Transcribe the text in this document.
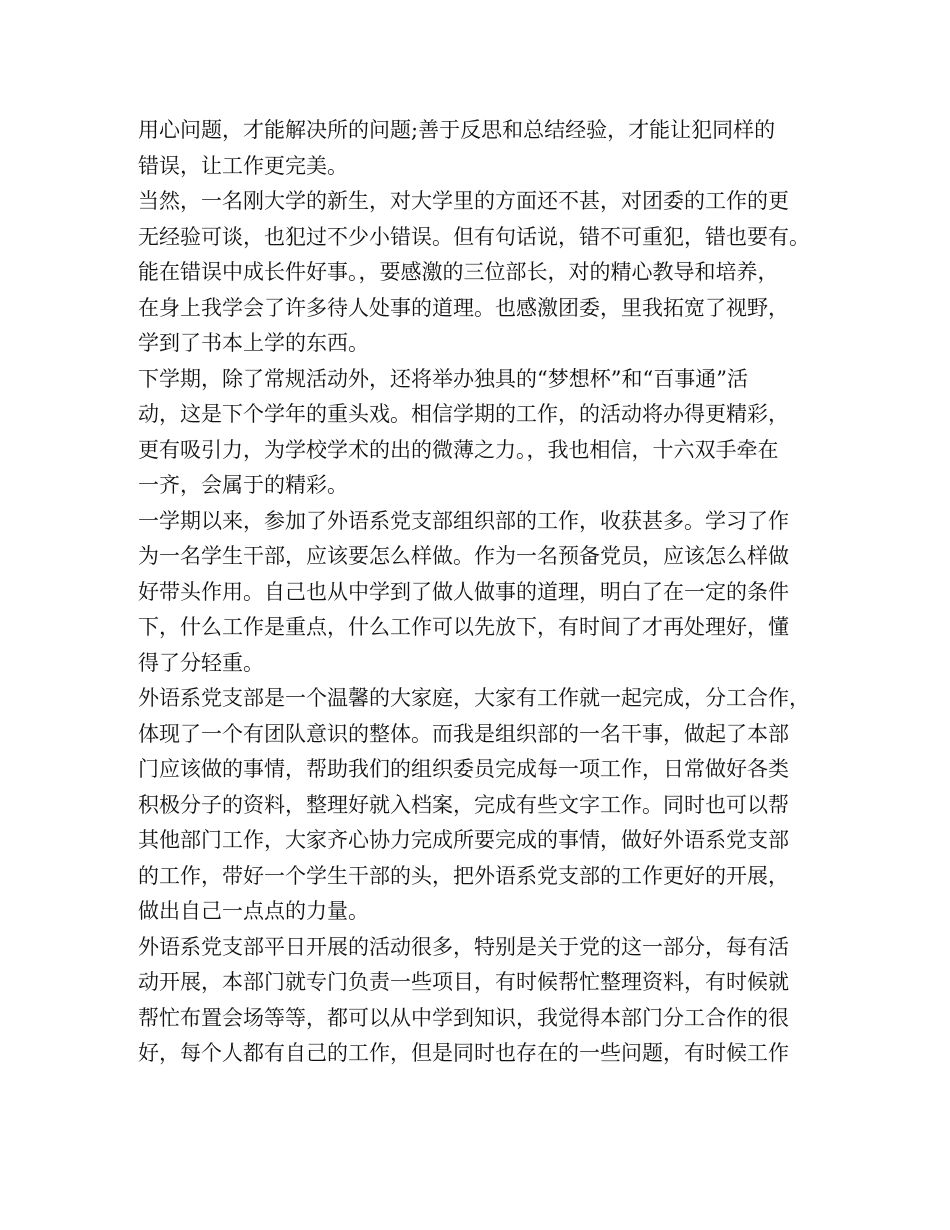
用心问题，才能解决所的问题;善于反思和总结经验，才能让犯同样的
错误，让工作更完美。
当然，一名刚大学的新生，对大学里的方面还不甚，对团委的工作的更
无经验可谈，也犯过不少小错误。但有句话说，错不可重犯，错也要有。
能在错误中成长件好事。，要感激的三位部长，对的精心教导和培养，
在身上我学会了许多待人处事的道理。也感激团委，里我拓宽了视野，
学到了书本上学的东西。
下学期，除了常规活动外，还将举办独具的“梦想杯”和“百事通”活
动，这是下个学年的重头戏。相信学期的工作，的活动将办得更精彩，
更有吸引力，为学校学术的出的微薄之力。，我也相信，十六双手牵在
一齐，会属于的精彩。
一学期以来，参加了外语系党支部组织部的工作，收获甚多。学习了作
为一名学生干部，应该要怎么样做。作为一名预备党员，应该怎么样做
好带头作用。自己也从中学到了做人做事的道理，明白了在一定的条件
下，什么工作是重点，什么工作可以先放下，有时间了才再处理好，懂
得了分轻重。
外语系党支部是一个温馨的大家庭，大家有工作就一起完成，分工合作，
体现了一个有团队意识的整体。而我是组织部的一名干事，做起了本部
门应该做的事情，帮助我们的组织委员完成每一项工作，日常做好各类
积极分子的资料，整理好就入档案，完成有些文字工作。同时也可以帮
其他部门工作，大家齐心协力完成所要完成的事情，做好外语系党支部
的工作，带好一个学生干部的头，把外语系党支部的工作更好的开展，
做出自己一点点的力量。
外语系党支部平日开展的活动很多，特别是关于党的这一部分，每有活
动开展，本部门就专门负责一些项目，有时候帮忙整理资料，有时候就
帮忙布置会场等等，都可以从中学到知识，我觉得本部门分工合作的很
好，每个人都有自己的工作，但是同时也存在的一些问题，有时候工作
